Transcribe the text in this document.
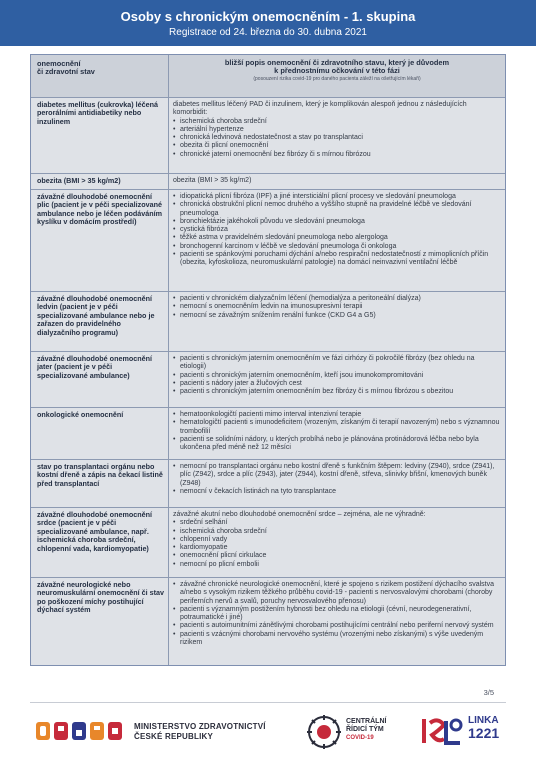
Osoby s chronickým onemocněním - 1. skupina
Registrace od 24. března do 30. dubna 2021
onemocnění
či zdravotní stav
bližší popis onemocnění či zdravotního stavu, který je důvodem
k přednostnímu očkování v této fázi
(posouzení rizika covid-19 pro daného pacienta záleží na ošetřujícím lékaři)
diabetes mellitus (cukrovka) léčená perorálními antidiabetiky nebo inzulinem
diabetes mellitus léčený PAD či inzulinem, který je komplikován alespoň jednou z následujících komorbidit:
• ischemická choroba srdeční
• arteriální hypertenze
• chronická ledvinová nedostatečnost a stav po transplantaci
• obezita či plicní onemocnění
• chronické jaterní onemocnění bez fibrózy či s mírnou fibrózou
obezita (BMI > 35 kg/m2)	obezita (BMI > 35 kg/m2)
závažné dlouhodobé onemocnění plic (pacient je v péči specializované ambulance nebo je léčen podáváním kyslíku v domácím prostředí)
• idiopatická plicní fibróza (IPF) a jiné intersticiální plicní procesy ve sledování pneumologa
• chronická obstrukční plicní nemoc druhého a vyššího stupně na pravidelné léčbě ve sledování pneumologa
• bronchiektázie jakéhokoli původu ve sledování pneumologa
• cystická fibróza
• těžké astma v pravidelném sledování pneumologa nebo alergologa
• bronchogenní karcinom v léčbě ve sledování pneumologa či onkologa
• pacienti se spánkovými poruchami dýchání a/nebo respirační nedostatečností z mimoplicních příčin (obezita, kyfoskolioza, neuromuskulární patologie) na domácí neinvazivní ventilační léčbě
závažné dlouhodobé onemocnění ledvin (pacient je v péči specializované ambulance nebo je zařazen do pravidelného dialyzačního programu)
• pacienti v chronickém dialyzačním léčení (hemodialýza a peritoneální dialýza)
• nemocní s onemocněním ledvin na imunosupresivní terapii
• nemocní se závažným snížením renální funkce (CKD G4 a G5)
závažné dlouhodobé onemocnění jater (pacient je v péči specializované ambulance)
• pacienti s chronickým jaterním onemocněním ve fázi cirhózy či pokročilé fibrózy (bez ohledu na etiologii)
• pacienti s chronickým jaterním onemocněním, kteří jsou imunokompromitováni
• pacienti s nádory jater a žlučových cest
• pacienti s chronickým jaterním onemocněním bez fibrózy či s mírnou fibrózou s obezitou
onkologické onemocnění
•	hematoonkologičtí pacienti mimo interval intenzivní terapie
• hematologičtí pacienti s imunodeficitem (vrozeným, získaným či terapií navozeným) nebo s významnou trombofilií
• pacienti se solidními nádory, u kterých probíhá nebo je plánována protinádorová léčba nebo byla ukončena před méně než 12 měsíci
stav po transplantaci orgánu nebo kostní dřeně a zápis na čekací listině před transplantací
• nemocní po transplantaci orgánu nebo kostní dřeně s funkčním štěpem: ledviny (Z940), srdce (Z941), plíc (Z942), srdce a plíc (Z943), jater (Z944), kostní dřeně, střeva, slinivky břišní, kmenových buněk (Z948)
• nemocní v čekacích listinách na tyto transplantace
závažné dlouhodobé onemocnění srdce (pacient je v péči specializované ambulance, např. ischemická choroba srdeční, chlopenní vada, kardiomyopatie)
závažné akutní nebo dlouhodobé onemocnění srdce – zejména, ale ne výhradně:
• srdeční selhání
• ischemická choroba srdeční
• chlopenní vady
• kardiomyopatie
• onemocnění plicní cirkulace
• nemocní po plicní embolii
závažné neurologické nebo neuromuskulární onemocnění či stav po poškození míchy postihující dýchací systém
• závažné chronické neurologické onemocnění, které je spojeno s rizikem postižení dýchacího svalstva a/nebo s vysokým rizikem těžkého průběhu covid-19 - pacienti s nervosvalovými chorobami (choroby periferních nervů a svalů, poruchy nervosvalového přenosu)
• pacienti s významným postižením hybnosti bez ohledu na etiologii (cévní, neurodegenerativní, potraumatické i jiné)
• pacienti s autoimunitními zánětlivými chorobami postihujícími centrální nebo periferní nervový systém
• pacienti s vzácnými chorobami nervového systému (vrozenými nebo získanými) s výše uvedeným rizikem
3/5
MINISTERSTVO ZDRAVOTNICTVÍ
ČESKÉ REPUBLIKY
CENTRÁLNÍ
ŘÍDICÍ TÝM
COVID-19
LINKA
1221
